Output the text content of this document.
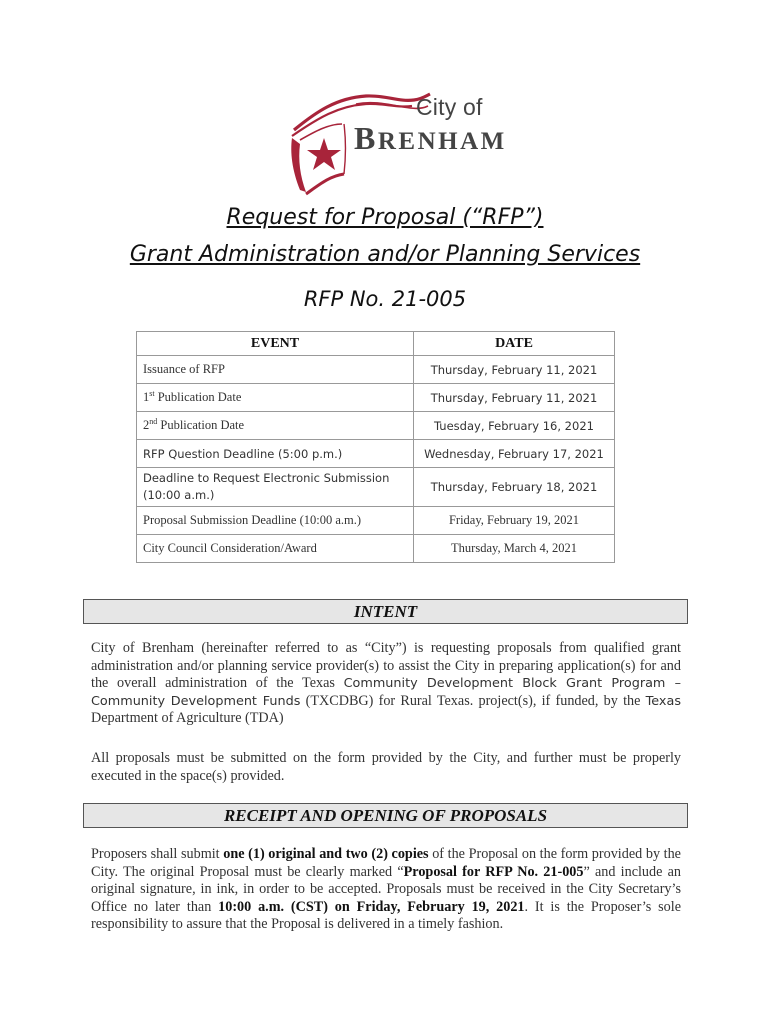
City of
BRENHAM
Request for Proposal (“RFP”)
Grant Administration and/or Planning Services
RFP No. 21-005
EVENT	DATE
Issuance of RFP	Thursday, February 11, 2021
1st Publication Date	Thursday, February 11, 2021
2nd Publication Date	Tuesday, February 16, 2021
RFP Question Deadline (5:00 p.m.)	Wednesday, February 17, 2021
Deadline to Request Electronic Submission
(10:00 a.m.)	Thursday, February 18, 2021
Proposal Submission Deadline (10:00 a.m.)	Friday, February 19, 2021
City Council Consideration/Award	Thursday, March 4, 2021
INTENT
City of Brenham (hereinafter referred to as “City”) is requesting proposals from qualified grant administration and/or planning service provider(s) to assist the City in preparing application(s) for and the overall administration of the Texas Community Development Block Grant Program – Community Development Funds (TXCDBG) for Rural Texas. project(s), if funded, by the Texas Department of Agriculture (TDA)
All proposals must be submitted on the form provided by the City, and further must be properly executed in the space(s) provided.
RECEIPT AND OPENING OF PROPOSALS
Proposers shall submit one (1) original and two (2) copies of the Proposal on the form provided by the City. The original Proposal must be clearly marked “Proposal for RFP No. 21-005” and include an original signature, in ink, in order to be accepted. Proposals must be received in the City Secretary’s Office no later than 10:00 a.m. (CST) on Friday, February 19, 2021. It is the Proposer’s sole responsibility to assure that the Proposal is delivered in a timely fashion.
